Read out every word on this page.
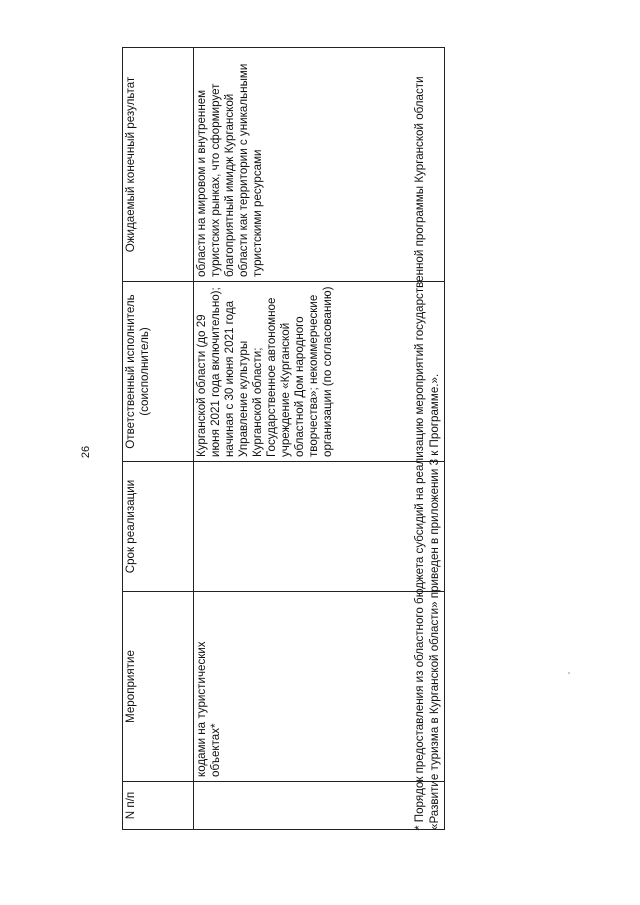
26
N п/п	Мероприятие	Срок реализации	Ответственный исполнитель (соисполнитель)	Ожидаемый конечный результат
	кодами на туристических объектах*		Курганской области (до 29 июня 2021 года включительно); начиная с 30 июня 2021 года Управление культуры Курганской области; Государственное автономное учреждение «Курганской областной Дом народного творчества»; некоммерческие организации (по согласованию)	области на мировом и внутреннем туристских рынках, что сформирует благоприятный имидж Курганской области как территории с уникальными туристскими ресурсами	* Порядок предоставления из областного бюджета субсидий на реализацию мероприятий государственной программы Курганской области «Развитие туризма в Курганской области» приведен в приложении 3 к Программе.».
